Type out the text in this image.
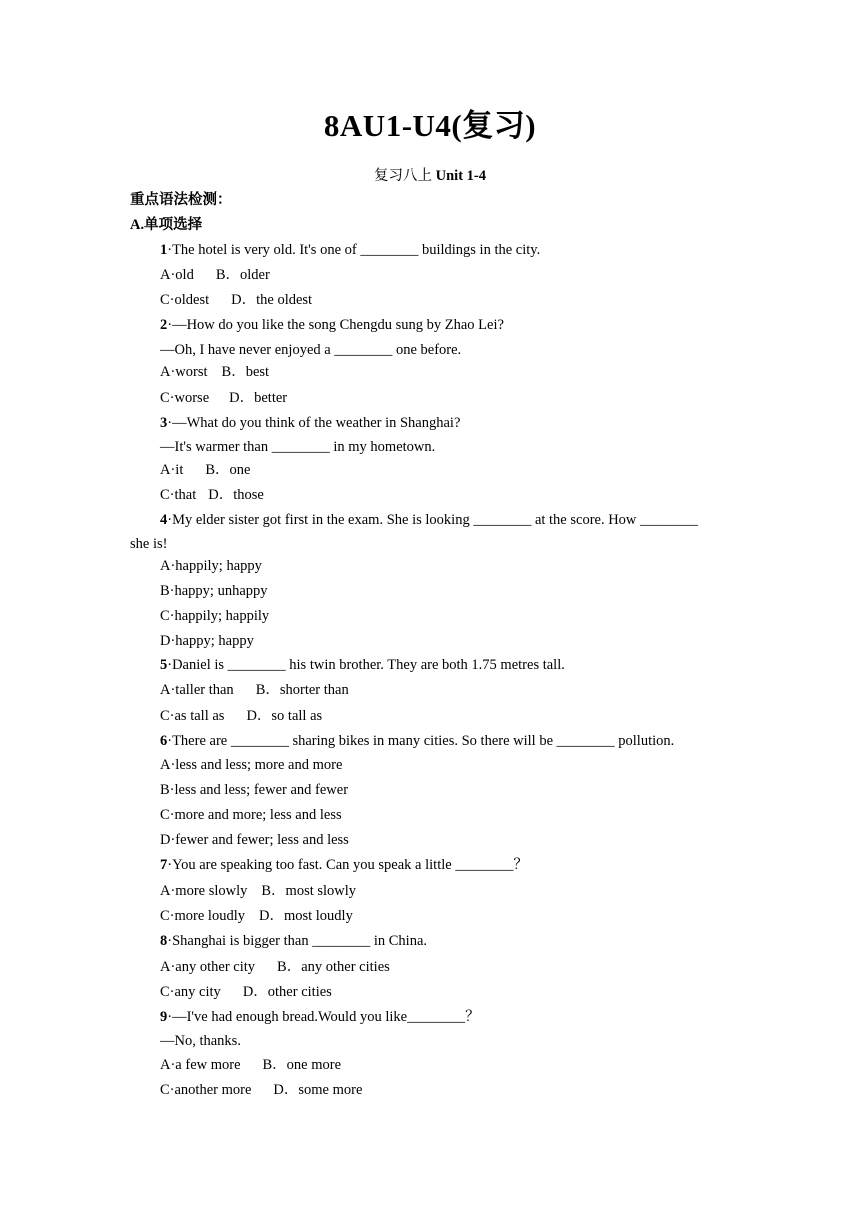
8AU1-U4(复习)
复习八上 Unit 1-4
重点语法检测：
A.单项选择
1·The hotel is very old. It's one of ________ buildings in the city.
A·old B．older
C·oldest D．the oldest
2·—How do you like the song Chengdu sung by Zhao Lei?
—Oh, I have never enjoyed a ________ one before.
A·worst B．best
C·worse D．better
3·—What do you think of the weather in Shanghai?
—It's warmer than ________ in my hometown.
A·it B．one
C·that D．those
4·My elder sister got first in the exam. She is looking ________ at the score. How ________
she is!
A·happily; happy
B·happy; unhappy
C·happily; happily
D·happy; happy
5·Daniel is ________ his twin brother. They are both 1.75 metres tall.
A·taller than B．shorter than
C·as tall as D．so tall as
6·There are ________ sharing bikes in many cities. So there will be ________ pollution.
A·less and less; more and more
B·less and less; fewer and fewer
C·more and more; less and less
D·fewer and fewer; less and less
7·You are speaking too fast. Can you speak a little ________？
A·more slowly B．most slowly
C·more loudly D．most loudly
8·Shanghai is bigger than ________ in China.
A·any other city B．any other cities
C·any city D．other cities
9·—I've had enough bread.Would you like________？
—No, thanks.
A·a few more B．one more
C·another more D．some more
